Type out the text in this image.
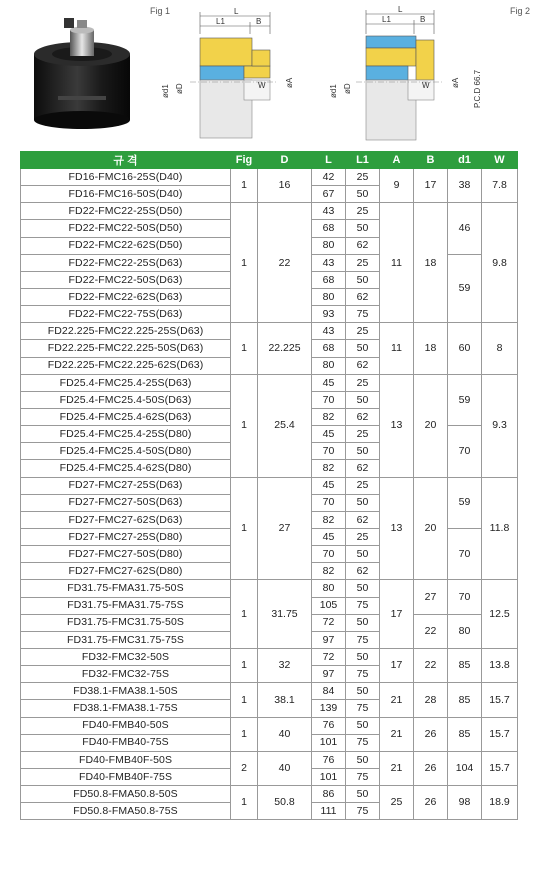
Fig 1	L
L1	B
ød1 øD
øA
W
Fig 2
L
L1	B
ød1 øD
øA
W	P.C.D 66.7
규 격	Fig	D	L	L1	A	B	d1	W
FD16-FMC16-25S(D40)	1	16	42	25	9	17	38	7.8
FD16-FMC16-50S(D40)			67	50				
FD22-FMC22-25S(D50)	1	22	43	25	11	18	46	9.8
FD22-FMC22-50S(D50)			68	50				
FD22-FMC22-62S(D50)			80	62				
FD22-FMC22-25S(D63)			43	25			59	
FD22-FMC22-50S(D63)			68	50				
FD22-FMC22-62S(D63)			80	62				
FD22-FMC22-75S(D63)			93	75				
FD22.225-FMC22.225-25S(D63)	1	22.225	43	25	11	18	60	8
FD22.225-FMC22.225-50S(D63)			68	50				
FD22.225-FMC22.225-62S(D63)			80	62				
FD25.4-FMC25.4-25S(D63)	1	25.4	45	25	13	20	59	9.3
FD25.4-FMC25.4-50S(D63)			70	50				
FD25.4-FMC25.4-62S(D63)			82	62				
FD25.4-FMC25.4-25S(D80)			45	25			70	
FD25.4-FMC25.4-50S(D80)			70	50				
FD25.4-FMC25.4-62S(D80)			82	62				
FD27-FMC27-25S(D63)	1	27	45	25	13	20	59	11.8
FD27-FMC27-50S(D63)			70	50				
FD27-FMC27-62S(D63)			82	62				
FD27-FMC27-25S(D80)			45	25			70	
FD27-FMC27-50S(D80)			70	50				
FD27-FMC27-62S(D80)			82	62				
FD31.75-FMA31.75-50S	1	31.75	80	50	17	27	70	12.5
FD31.75-FMA31.75-75S			105	75				
FD31.75-FMC31.75-50S			72	50		22	80	
FD31.75-FMC31.75-75S			97	75				
FD32-FMC32-50S	1	32	72	50	17	22	85	13.8
FD32-FMC32-75S			97	75				
FD38.1-FMA38.1-50S	1	38.1	84	50	21	28	85	15.7
FD38.1-FMA38.1-75S			139	75				
FD40-FMB40-50S	1	40	76	50	21	26	85	15.7
FD40-FMB40-75S			101	75				
FD40-FMB40F-50S	2	40	76	50	21	26	104	15.7
FD40-FMB40F-75S			101	75				
FD50.8-FMA50.8-50S	1	50.8	86	50	25	26	98	18.9
FD50.8-FMA50.8-75S			111	75				
